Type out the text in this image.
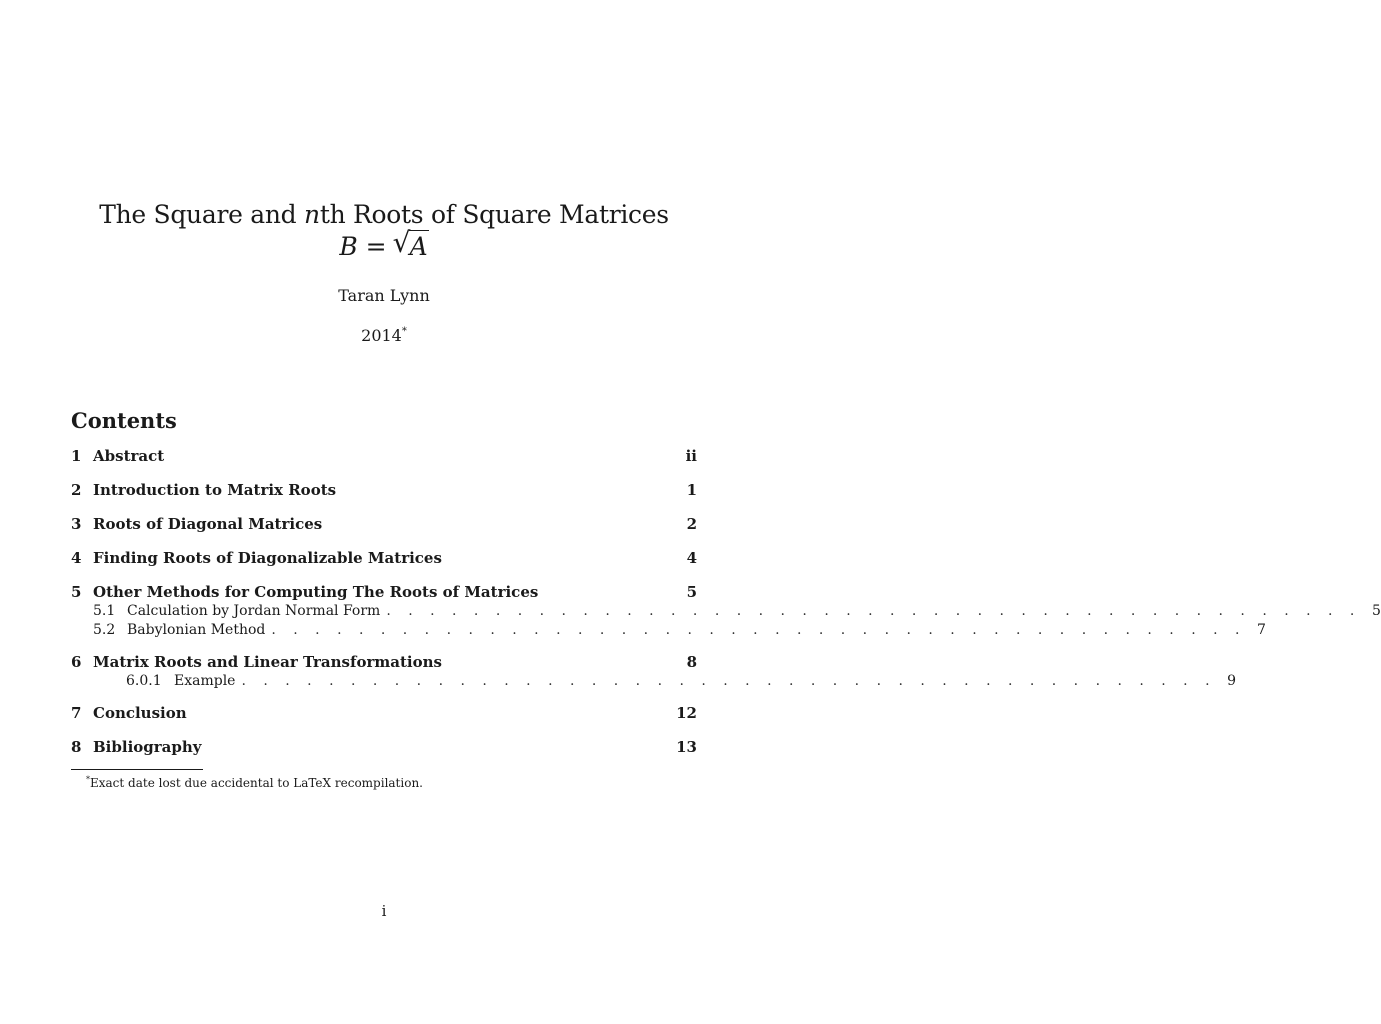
The Square and nth Roots of Square Matrices
B =
√ A
Taran Lynn
2014*
Contents
1 Abstract	ii
2 Introduction to Matrix Roots	1
3 Roots of Diagonal Matrices	2
4 Finding Roots of Diagonalizable Matrices	4
5 Other Methods for Computing The Roots of Matrices	5
5.1 Calculation by Jordan Normal Form . . . . . . . . . . . . . . . . . . . . . . . . . . . . . . . . . . . . . . . . . . . . . 5
5.2 Babylonian Method . . . . . . . . . . . . . . . . . . . . . . . . . . . . . . . . . . . . . . . . . . . . . 7
6 Matrix Roots and Linear Transformations	8
6.0.1 Example . . . . . . . . . . . . . . . . . . . . . . . . . . . . . . . . . . . . . . . . . . . . . 9
7 Conclusion	12
8 Bibliography	13
*Exact date lost due accidental to LaTeX recompilation.
i
